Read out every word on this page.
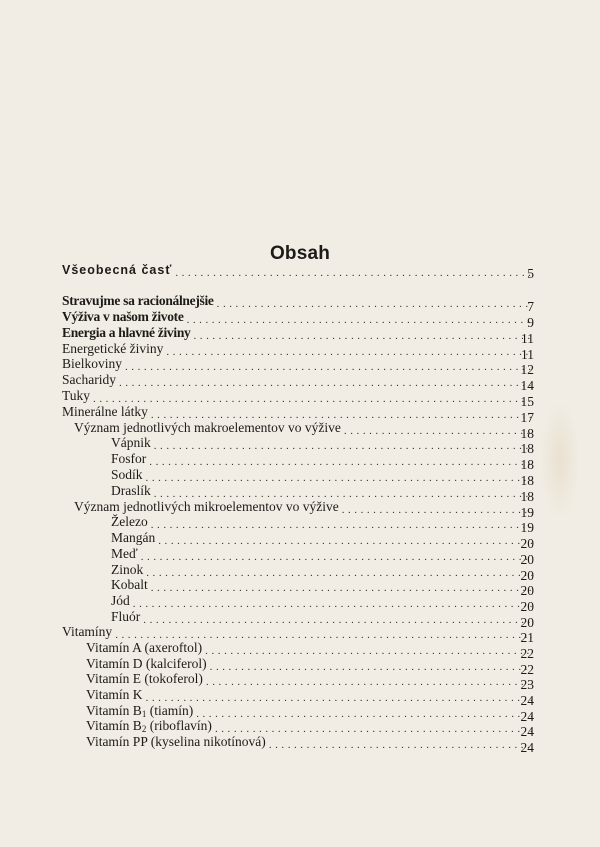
Obsah
Všeobecná časť . . .	5
Stravujme sa racionálnejšie . . .	7
Výživa v našom živote . . .	9
Energia a hlavné živiny . . .	11
Energetické živiny . . .	11
Bielkoviny . . .	12
Sacharidy . . .	14
Tuky . . .	15
Minerálne látky . . .	17
Význam jednotlivých makroelementov vo výžive . . .	18
Vápnik . . .	18
Fosfor . . .	18
Sodík . . .	18
Draslík . . .	18
Význam jednotlivých mikroelementov vo výžive . . .	19
Železo . . .	19
Mangán . . .	20
Meď . . .	20
Zinok . . .	20
Kobalt . . .	20
Jód . . .	20
Fluór . . .	20
Vitamíny . . .	21
Vitamín A (axeroftol) . . .	22
Vitamín D (kalciferol) . . .	22
Vitamín E (tokoferol) . . .	23
Vitamín K . . .	24
Vitamín $B_1$ (tiamín) . . .	24
Vitamín $B_2$ (riboflavín) . . .	24
Vitamín PP (kyselina nikotínová) . . .	24
